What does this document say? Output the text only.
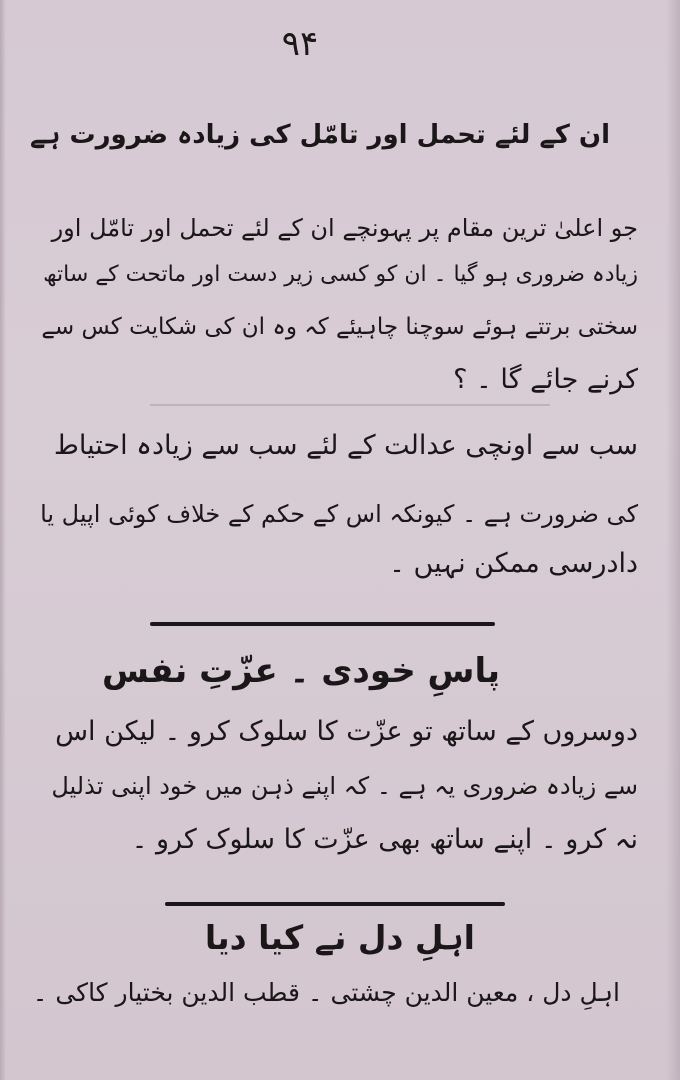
۹۴
ان کے لئے تحمل اور تامّل کی زیادہ ضرورت ہے
جو اعلیٰ ترین مقام پر پہونچے ان کے لئے تحمل اور تامّل اور
زیادہ ضروری ہو گیا ۔ ان کو کسی زیر دست اور ماتحت کے ساتھ
سختی برتتے ہوئے سوچنا چاہیئے کہ وہ ان کی شکایت کس سے
کرنے جائے گا ۔ ؟
سب سے اونچی عدالت کے لئے سب سے زیادہ احتیاط
کی ضرورت ہے ۔ کیونکہ اس کے حکم کے خلاف کوئی اپیل یا
دادرسی ممکن نہیں ۔
پاسِ خودی ۔ عزّتِ نفس
دوسروں کے ساتھ تو عزّت کا سلوک کرو ۔ لیکن اس
سے زیادہ ضروری یہ ہے ۔ کہ اپنے ذہن میں خود اپنی تذلیل
نہ کرو ۔ اپنے ساتھ بھی عزّت کا سلوک کرو ۔
اہلِ دل نے کیا دیا
اہلِ دل ، معین الدین چشتی ۔ قطب الدین بختیار کاکی ۔
